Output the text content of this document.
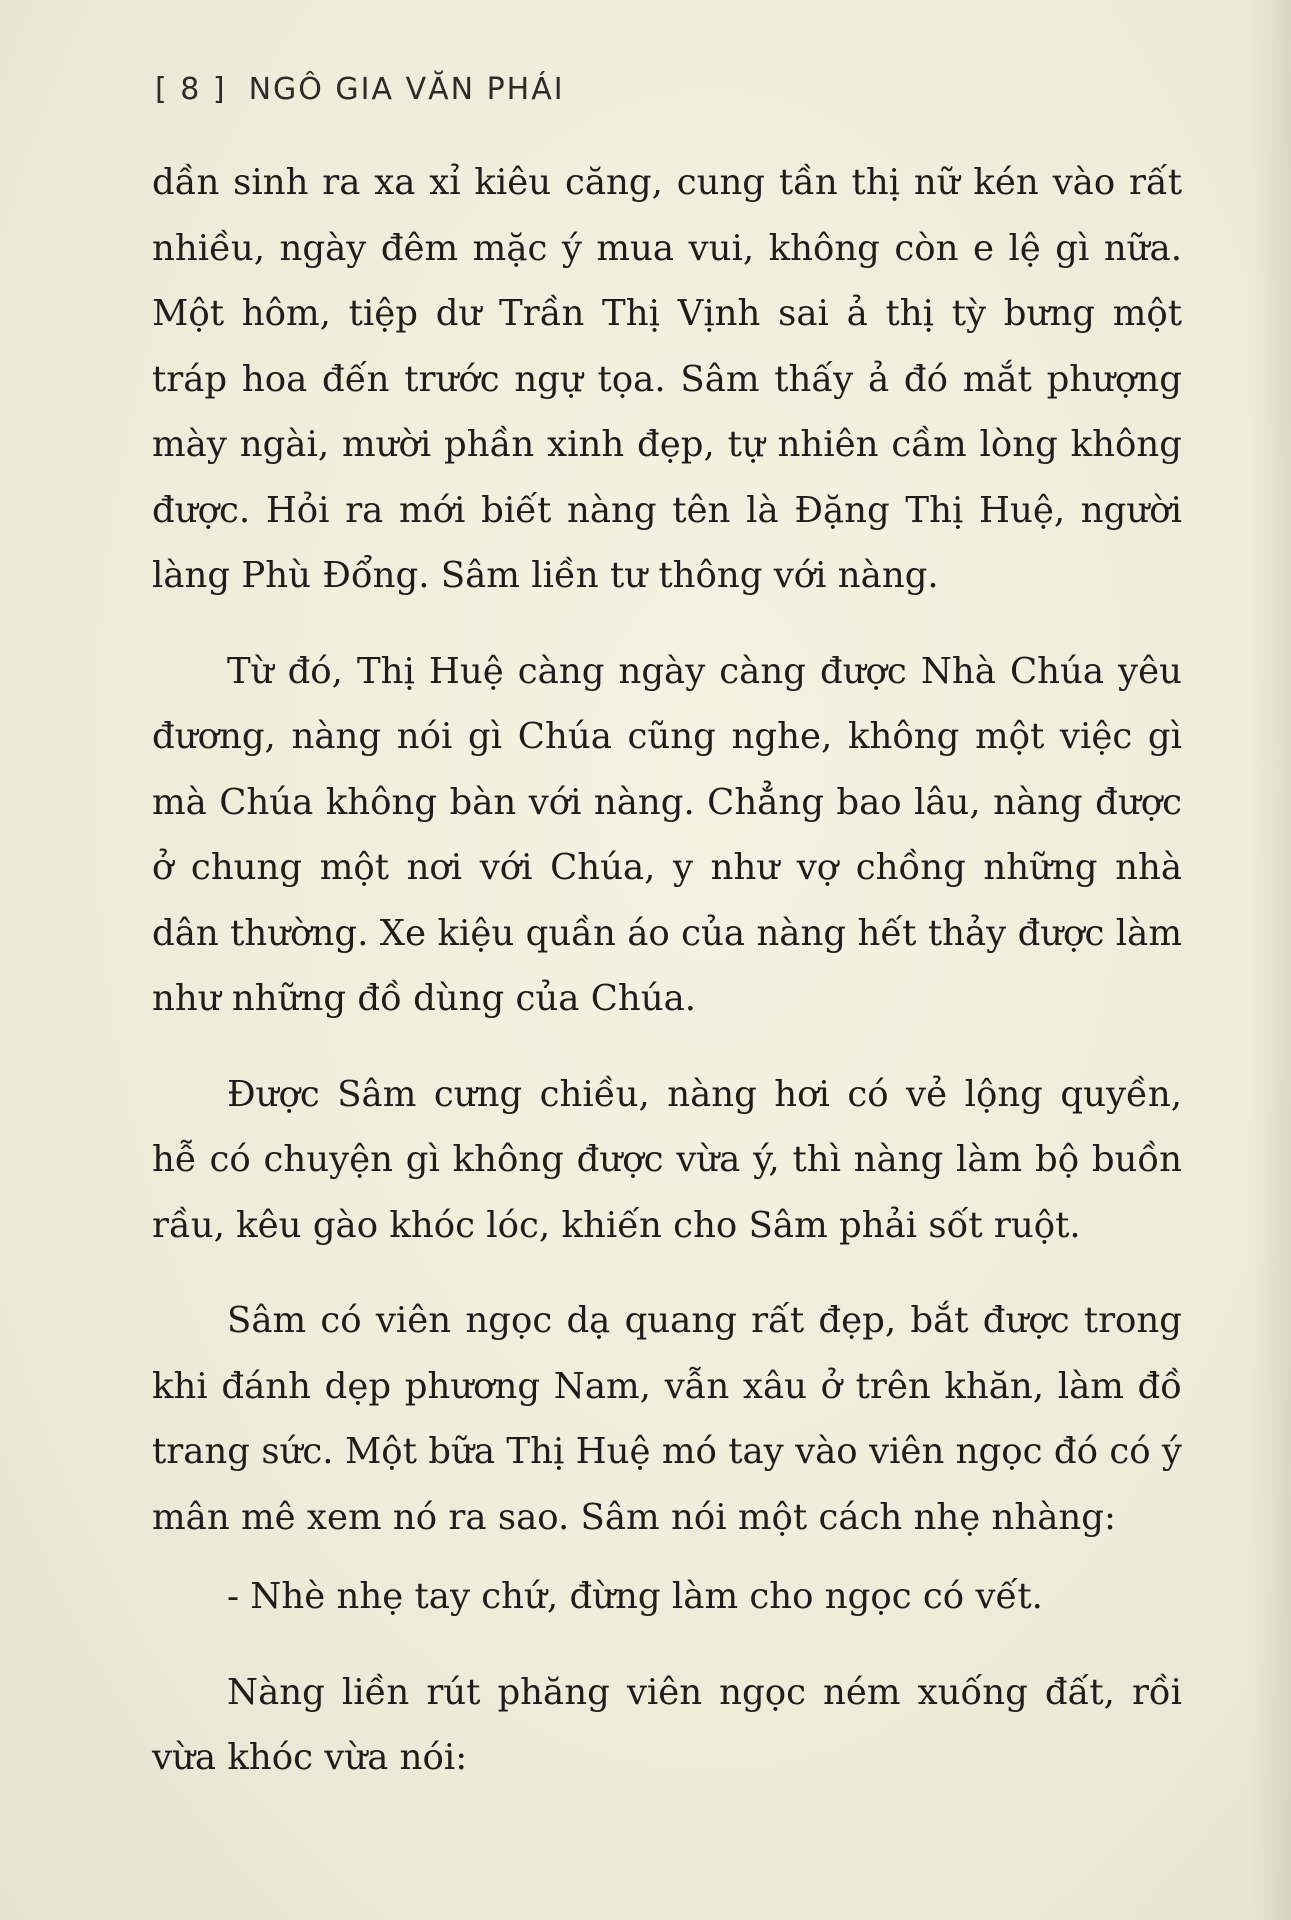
[ 8 ] NGÔ GIA VĂN PHÁI

dần sinh ra xa xỉ kiêu căng, cung tần thị nữ kén vào rất nhiều, ngày đêm mặc ý mua vui, không còn e lệ gì nữa. Một hôm, tiệp dư Trần Thị Vịnh sai ả thị tỳ bưng một tráp hoa đến trước ngự tọa. Sâm thấy ả đó mắt phượng mày ngài, mười phần xinh đẹp, tự nhiên cầm lòng không được. Hỏi ra mới biết nàng tên là Đặng Thị Huệ, người làng Phù Đổng. Sâm liền tư thông với nàng.

Từ đó, Thị Huệ càng ngày càng được Nhà Chúa yêu đương, nàng nói gì Chúa cũng nghe, không một việc gì mà Chúa không bàn với nàng. Chẳng bao lâu, nàng được ở chung một nơi với Chúa, y như vợ chồng những nhà dân thường. Xe kiệu quần áo của nàng hết thảy được làm như những đồ dùng của Chúa.

Được Sâm cưng chiều, nàng hơi có vẻ lộng quyền, hễ có chuyện gì không được vừa ý, thì nàng làm bộ buồn rầu, kêu gào khóc lóc, khiến cho Sâm phải sốt ruột.

Sâm có viên ngọc dạ quang rất đẹp, bắt được trong khi đánh dẹp phương Nam, vẫn xâu ở trên khăn, làm đồ trang sức. Một bữa Thị Huệ mó tay vào viên ngọc đó có ý mân mê xem nó ra sao. Sâm nói một cách nhẹ nhàng:

- Nhè nhẹ tay chứ, đừng làm cho ngọc có vết.

Nàng liền rút phăng viên ngọc ném xuống đất, rồi vừa khóc vừa nói:
